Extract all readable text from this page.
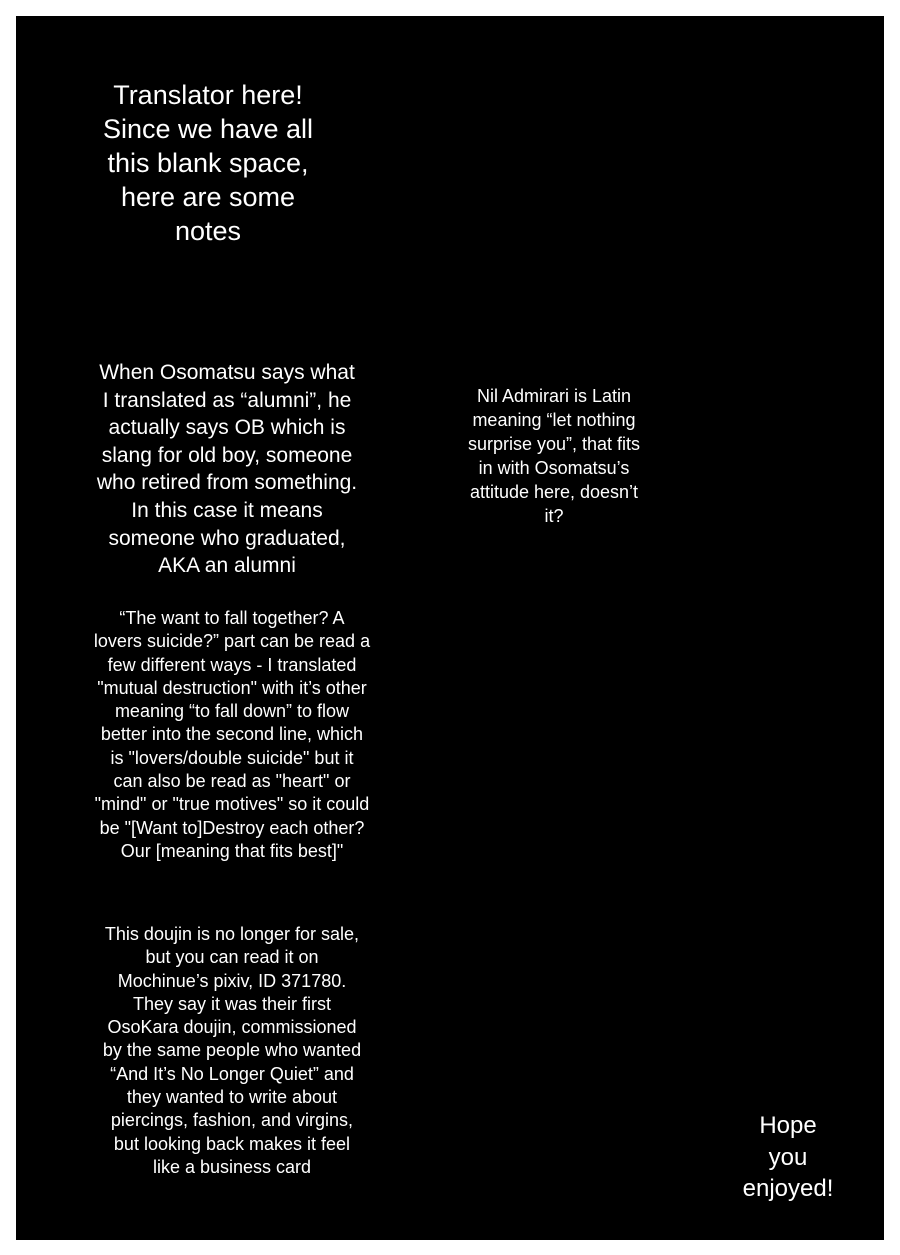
Translator here!
Since we have all
this blank space,
here are some
notes

When Osomatsu says what
I translated as “alumni”, he
actually says OB which is
slang for old boy, someone
who retired from something.
In this case it means
someone who graduated,
AKA an alumni

Nil Admirari is Latin
meaning “let nothing
surprise you”, that fits
in with Osomatsu’s
attitude here, doesn’t
it?

“The want to fall together? A
lovers suicide?” part can be read a
few different ways - I translated
"mutual destruction" with it’s other
meaning “to fall down” to flow
better into the second line, which
is "lovers/double suicide" but it
can also be read as "heart" or
"mind" or "true motives" so it could
be "[Want to]Destroy each other?
Our [meaning that fits best]"

This doujin is no longer for sale,
but you can read it on
Mochinue’s pixiv, ID 371780.
They say it was their first
OsoKara doujin, commissioned
by the same people who wanted
“And It’s No Longer Quiet” and
they wanted to write about
piercings, fashion, and virgins,
but looking back makes it feel
like a business card

Hope
you
enjoyed!
